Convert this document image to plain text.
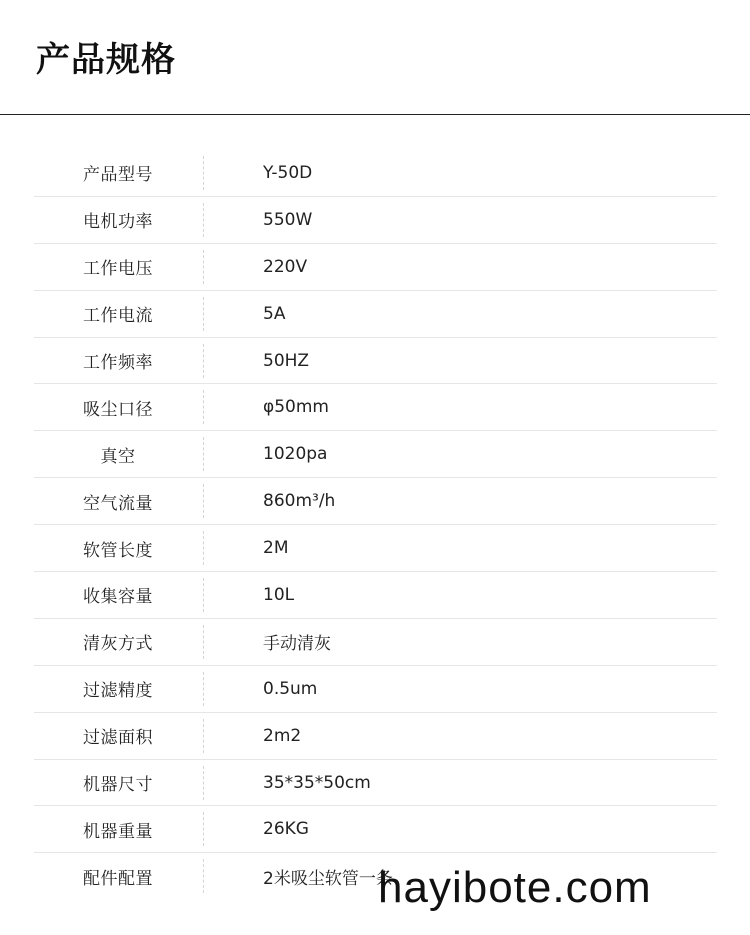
产品规格
产品型号	Y-50D
电机功率	550W
工作电压	220V
工作电流	5A
工作频率	50HZ
吸尘口径	φ50mm
真空	1020pa
空气流量	860m³/h
软管长度	2M
收集容量	10L
清灰方式	手动清灰
过滤精度	0.5um
过滤面积	2m2
机器尺寸	35*35*50cm
机器重量	26KG
配件配置	2米吸尘软管一条
hayibote.com
